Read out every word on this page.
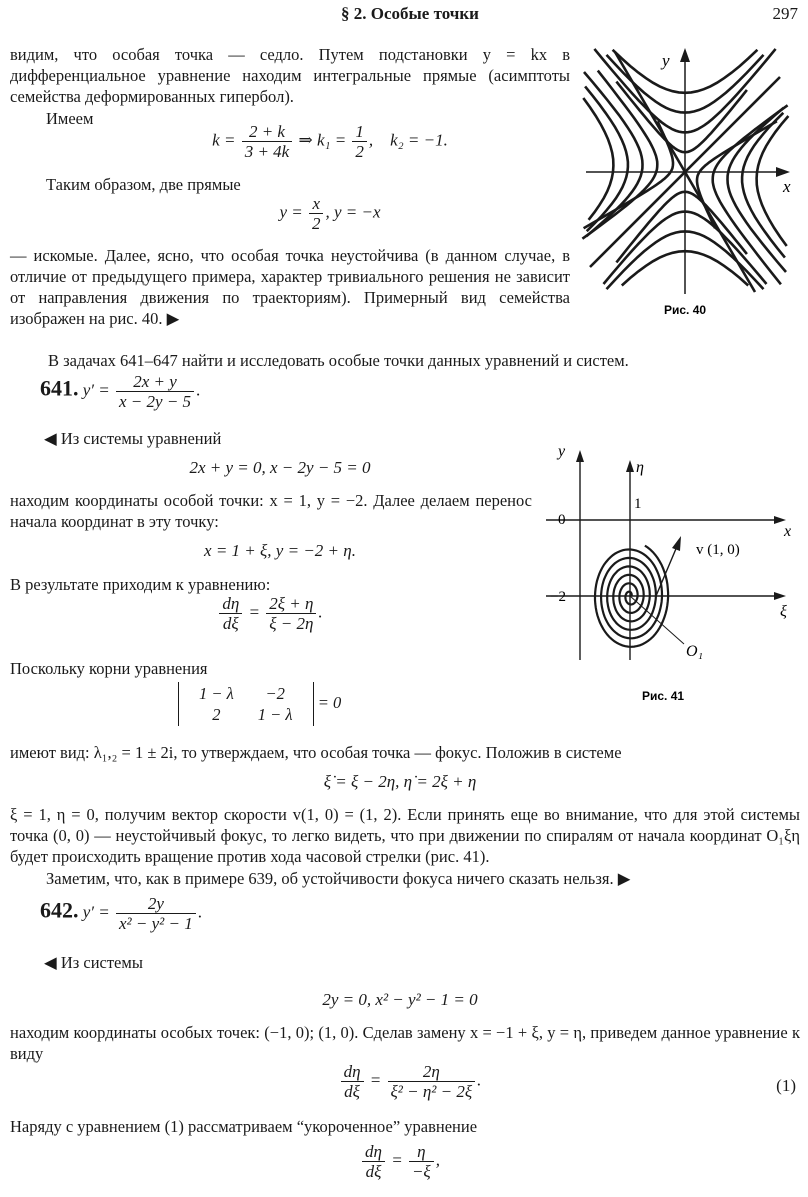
§ 2. Особые точки	297
видим, что особая точка — седло. Путем подстановки y = kx в дифференциальное уравнение находим интегральные прямые (асимптоты семейства деформированных гипербол).
Имеем
$k = \frac{2 + k}{3 + 4k}$ ⇒ $k_1 = \frac{1}{2}$ ,    k₂ = −1.
Таким образом, две прямые
$y = \frac{x}{2}$ , y = −x
— искомые. Далее, ясно, что особая точка неустойчива (в данном случае, в отличие от предыдущего примера, характер тривиального решения не зависит от направления движения по траекториям). Примерный вид семейства изображен на рис. 40. ▶
y
x
Рис. 40
В задачах 641–647 найти и исследовать особые точки данных уравнений и систем.
641. $y' = \frac{2x + y}{x - 2y - 5}$ .
◀ Из системы уравнений
2x + y = 0, x − 2y − 5 = 0
находим координаты особой точки: x = 1, y = −2. Далее делаем перенос начала координат в эту точку:
x = 1 + ξ, y = −2 + η.
В результате приходим к уравнению:
$\frac{d\eta}{d\xi} = \frac{2\xi + \eta}{\xi - 2\eta}$ .
Поскольку корни уравнения
1 − λ	−2
2	1 − λ
= 0
имеют вид: λ₁,₂ = 1 ± 2i, то утверждаем, что особая точка — фокус. Положив в системе
ξ̇ = ξ − 2η, η̇ = 2ξ + η
ξ = 1, η = 0, получим вектор скорости v(1, 0) = (1, 2). Если принять еще во внимание, что для этой системы точка (0, 0) — неустойчивый фокус, то легко видеть, что при движении по спиралям от начала координат O₁ξη будет происходить вращение против хода часовой стрелки (рис. 41).
Заметим, что, как в примере 639, об устойчивости фокуса ничего сказать нельзя. ▶
y
η
x
ξ
0
1
−2
v (1, 0)
O₁
Рис. 41
642. $y' = \frac{2y}{\text{x² − y² − 1}}$ .
◀ Из системы
2y = 0, x² − y² − 1 = 0
находим координаты особых точек: (−1, 0); (1, 0). Сделав замену x = −1 + ξ, y = η, приведем данное уравнение к виду
$\frac{d\eta}{d\xi} = \frac{2\eta}{\text{ξ² − η² − 2ξ}}$ .	(1)
Наряду с уравнением (1) рассматриваем “укороченное” уравнение
$\frac{d\eta}{d\xi} = \frac{\eta}{-\xi}$ ,
